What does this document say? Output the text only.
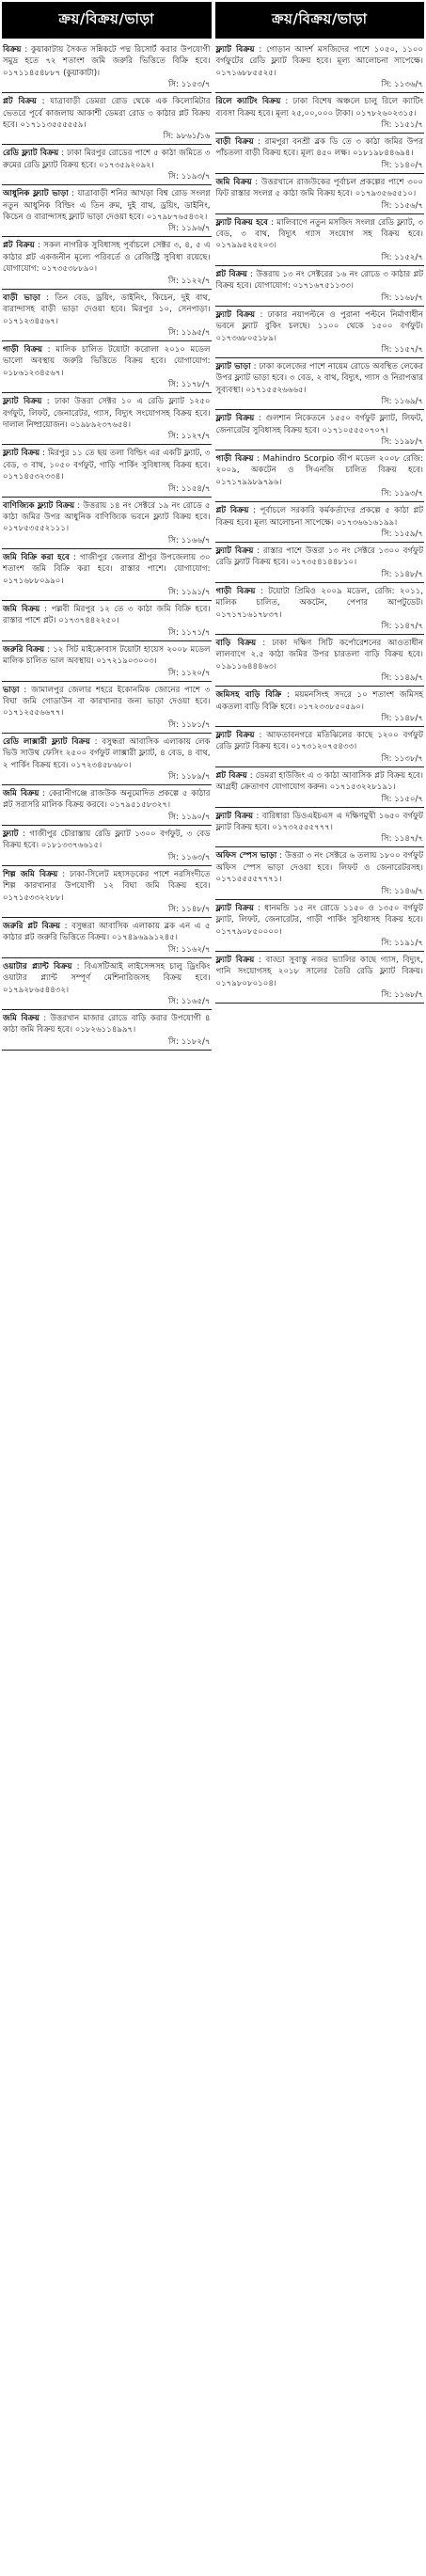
ক্রয়/বিক্রয়/ভাড়া
বিক্রয় : কুয়াকাটায় সৈকত সন্নিকটে পদ্ম রিসোর্ট করার উপযোগী সমুদ্র হতে ৭২ শতাংশ জমি জরুরি ভিত্তিতে বিক্রি হবে। ০১৭১১৪৫৪৮৮৭ (কুয়াকাটা)।
সি: ১১৫৩/৭
প্লট বিক্রয় : যাত্রাবাড়ী ডেমরা রোড থেকে এক কিলোমিটার ভেতরে পূর্বে কাজলায় আকাশী ডেমরা রোড ৩ কাঠার প্লট বিক্রয় হবে। ০১৭১১৩৫৫৫৫৫৯।
সি: ৯৮৬১/১৬
রেডি ফ্ল্যাট বিক্রয় : ঢাকা মিরপুর রোডের পাশে ৫ কাঠা জমিতে ৩ রুমের রেডি ফ্ল্যাট বিক্রয় হবে। ০১৭৩৫৯২০৯২।
সি: ১১৯৩/৭
আধুনিক ফ্ল্যাট ভাড়া : যাত্রাবাড়ী শনির আখড়া বিশ্ব রোড সংলগ্ন নতুন আধুনিক বিল্ডিং এ তিন রুম, দুই বাথ, ড্রয়িং, ডাইনিং, কিচেন ও বারান্দাসহ ফ্ল্যাট ভাড়া দেওয়া হবে। ০১৭৯৮৭৬৫৪৩২।
সি: ১১৯৬/৭
প্লট বিক্রয় : সকল নাগরিক সুবিধাসহ পূর্বাচলে সেক্টর ৩, ৪, ৫ এ কাঠার প্লট একজনীন মূল্যে পরিবর্তে ও রেজিস্ট্রি সুবিধা রয়েছে। যোগাযোগ: ০১৭৩৫৩৮৮৯০।
সি: ১১২২/৭
বাড়ী ভাড়া : তিন বেড, ড্রয়িং, ডাইনিং, কিচেন, দুই বাথ, বারান্দাসহ বাড়ী ভাড়া দেওয়া হবে। মিরপুর ১০, সেনপাড়া। ০১৭১২৩৪৫৬৭।
সি: ১১৯৫/৭
গাড়ী বিক্রয় : মালিক চালিত টয়োটা করোলা ২০১০ মডেল ভালো অবস্থায় জরুরি ভিত্তিতে বিক্রয় হবে। যোগাযোগ: ০১৮৬১২৩৪৫৬৭।
সি: ১১৭৮/৭
ফ্ল্যাট বিক্রয় : ঢাকা উত্তরা সেক্টর ১০ এ রেডি ফ্ল্যাট ১২৫০ বর্গফুট, লিফট, জেনারেটর, গ্যাস, বিদ্যুৎ সংযোগসহ বিক্রয় হবে। দালাল নিষ্প্রয়োজন। ০১৯৮৯২৩৭৬৫৪।
সি: ১১২৭/৭
ফ্ল্যাট বিক্রয় : মিরপুর ১১ তে ছয় তলা বিল্ডিং এর একটি ফ্ল্যাট, ৩ বেড, ৩ বাথ, ১০৫০ বর্গফুট, গাড়ি পার্কিং সুবিধাসহ বিক্রয় হবে। ০১৭১৪৫৩২৩৩৪।
সি: ১১৫৪/৭
বাণিজ্যিক ফ্ল্যাট বিক্রয় : উত্তরায় ১৪ নং সেক্টরে ১৯ নং রোডে ৫ কাঠা জমির উপর আধুনিক বাণিজ্যিক ভবনে ফ্ল্যাট বিক্রয় হবে। ০১৭৮৫৩৫৫২১১১।
সি: ১১৬৬/৭
জমি বিক্রি করা হবে : গাজীপুর জেলার শ্রীপুর উপজেলায় ৩০ শতাংশ জমি বিক্রি করা হবে। রাস্তার পাশে। যোগাযোগ: ০১৭১৬৮৮০৯৯০।
সি: ১১৯১/৭
জমি বিক্রয় : পল্লবী মিরপুর ১২ তে ৩ কাঠা জমি বিক্রি হবে। রাস্তার পাশে প্লট। ০১৭৩৭৪৪২২৫০।
সি: ১১৭১/৭
জরুরি বিক্রয় : ১২ সিট মাইক্রোবাস টয়োটা হায়েস ২০০৮ মডেল মালিক চালিত ভাল অবস্থায়। ০১৭২১৯০৩০০৩।
সি: ১১২০/৭
ভাড়া : জামালপুর জেলার শহরে ইকোনমিক জোনের পাশে ৩ বিঘা জমি গোডাউন বা কারখানার জন্য ভাড়া দেওয়া হবে। ০১৭১২৫৫৬৬৭৭।
সি: ১১৮১/৭
রেডি লাক্সারী ফ্ল্যাট বিক্রয় : বসুন্ধরা আবাসিক এলাকায় লেক ভিউ সাউথ ফেসিং ২৫০০ বর্গফুট লাক্সারী ফ্ল্যাট, ৪ বেড, ৪ বাথ, ২ পার্কিং বিক্রয় হবে। ০১৭২৩৪৫৮৬৮০।
সি: ১১৮৯/৭
জমি বিক্রয় : কেরানীগঞ্জে রাজউক অনুমোদিত প্রকল্পে ৫ কাঠার প্লট সরাসরি মালিক বিক্রয় করবে। ০১৭৯৫১৫৮৩২৭।
সি: ১১৯০/৭
ফ্ল্যাট : গাজীপুর চৌরাস্তায় রেডি ফ্ল্যাট ১৩০০ বর্গফুট, ৩ বেড বিক্রয় হবে। ০১৮১৩৩৭৬৬১৫।
সি: ১১৬৩/৭
শিল্প জমি বিক্রয় : ঢাকা-সিলেট মহাসড়কের পাশে নরসিংদীতে শিল্প কারখানার উপযোগী ১২ বিঘা জমি বিক্রয় হবে। ০১৭১৫৩৩২২৮৮।
সি: ১১৪৮/৭
জরুরি প্লট বিক্রয় : বসুন্ধরা আবাসিক এলাকায় ব্লক এন এ ৫ কাঠার প্লট জরুরি ভিত্তিতে বিক্রয়। ০১৭৪৯৬৯৯১২৪৫।
সি: ১১৬২/৭
ওয়াটার প্ল্যান্ট বিক্রয় : বিএসটিআই লাইসেন্সসহ চালু ড্রিংকিং ওয়াটার প্ল্যান্ট সম্পূর্ণ মেশিনারিজসহ বিক্রয় হবে। ০১৭৯২৮৬৫৪৪৩২।
সি: ১১৬৫/৭
জমি বিক্রয় : উত্তরখান মাজার রোডে বাড়ি করার উপযোগী ৪ কাঠা জমি বিক্রয় হবে। ০১৮২৬১১৪৯৯৭।
সি: ১১৮২/৭
ক্রয়/বিক্রয়/ভাড়া
ফ্ল্যাট বিক্রয় : গোড়ান আদর্শ মসজিদের পাশে ১০৫০, ১১০০ বর্গফুটের রেডি ফ্ল্যাট বিক্রয় হবে। মূল্য আলোচনা সাপেক্ষে। ০১৭১৬৮৮৫৫২৫।
সি: ১১৩৬/৭
রিলে ক্যাটিং বিক্রয় : ঢাকা বিশেষ অঞ্চলে চালু রিলে ক্যাটিং ব্যবসা বিক্রয় হবে। মূল্য ২৫,০০,০০০ টাকা। ০১৭৮২৬০২৩১৫।
সি: ১১৫১/৭
বাড়ী বিক্রয় : রামপুরা বনশ্রী ব্লক ডি তে ৩ কাঠা জমির উপর পাঁচতলা বাড়ী বিক্রয় হবে। মূল্য ৪৫০ লক্ষ। ০১৮১৯৮৪৪৬৯৪।
সি: ১১৪০/৭
জমি বিক্রয় : উত্তরখানে রাজউকের পূর্বাচল প্রকল্পের পাশে ৩০০ ফিট রাস্তার সংলগ্ন ৫ কাঠা জমি বিক্রয় হবে। ০১৭৯৩৫৬৫৫১০।
সি: ১১৫৬/৭
ফ্ল্যাট বিক্রয় হবে : মালিবাগে নতুন মসজিদ সংলগ্ন রেডি ফ্ল্যাট, ৩ বেড, ৩ বাথ, বিদ্যুৎ গ্যাস সংযোগ সহ বিক্রয় হবে। ০১৭৯৯৫২৫২০৩।
সি: ১১৫২/৭
প্লট বিক্রয় : উত্তরায় ১৩ নং সেক্টরের ১৬ নং রোডে ৩ কাঠার প্লট বিক্রয় হবে। যোগাযোগ: ০১৭১৬৭৫১১৩৩।
সি: ১১৬৮/৭
ফ্ল্যাট বিক্রয় : ঢাকার নয়াপল্টনে ও পুরানা পল্টনে নির্মাণাধীন ভবনে ফ্ল্যাট বুকিং চলছে। ১১০০ থেকে ১৫০০ বর্গফুট। ০১৭৩৬৮০৫১৮৯।
সি: ১১৫৭/৭
ফ্ল্যাট ভাড়া : ঢাকা কলেজের পাশে নায়েম রোডে অবস্থিত লেকের উপর ফ্ল্যাট ভাড়া হবে। ৩ বেড, ২ বাথ, বিদ্যুৎ, গ্যাস ও নিরাপত্তার সুব্যবস্থা। ০১৭১৫৫২৬৬৬৫।
সি: ১১৬৯/৭
ফ্ল্যাট বিক্রয় : গুলশান নিকেতনে ১৫৫০ বর্গফুট ফ্ল্যাট, লিফট, জেনারেটর সুবিধাসহ বিক্রয় হবে। ০১৭১০৫৫৫০৭০৭।
সি: ১১৯৮/৭
গাড়ী বিক্রয় : Mahindro Scorpio জীপ মডেল ২০০৮ রেজি: ২০০৯, অকটেন ও সিএনজি চালিত বিক্রয় হবে। ০১৭১৭৯৯৮৯৭৯৬।
সি: ১১৯৩/৭
প্লট বিক্রয় : পূর্বাচলে সরকারি কর্মকর্তাদের প্রকল্পে ৫ কাঠা প্লট বিক্রয় হবে। মূল্য আলোচনা সাপেক্ষে। ০১৭৩৬৬১৬১৯৯।
সি: ১১৫৯/৭
ফ্ল্যাট বিক্রয় : রাস্তার পাশে উত্তরা ১৩ নং সেক্টরে ১৩০০ বর্গফুট রেডি ফ্ল্যাট বিক্রয় হবে। ০১৭৩৫৪১৪৪৮১০।
সি: ১১৪৮/৭
গাড়ী বিক্রয় : টয়োটা প্রিমিও ২০০৯ মডেল, রেজি: ২০১১, মালিক চালিত, অকটেন, পেপার আপটুডেট। ০১৭১৭১৬১৭৮৩৭।
সি: ১১৪৭/৭
বাড়ি বিক্রয় : ঢাকা দক্ষিণ সিটি কর্পোরেশনের আওতাধীন লালবাগে ২.৫ কাঠা জমির উপর চারতলা বাড়ি বিক্রয় হবে। ০১৯১১৬৪৪৪৬৩।
সি: ১১৪৯/৭
জমিসহ বাড়ি বিক্রি : ময়মনসিংহ সদরে ১০ শতাংশ জমিসহ একতলা বাড়ি বিক্রি হবে। ০১৭২৩৩৮৫০৫৯০।
সি: ১১৪৮/৭
ফ্ল্যাট বিক্রয় : আফতাবনগরে মতিঝিলের কাছে ১২০০ বর্গফুট রেডি ফ্ল্যাট বিক্রয় হবে। ০১৭৩১২০৭৫৪৩৩।
সি: ১১৩৮/৭
প্লট বিক্রয় : ডেমরা হাউজিং এ ৩ কাঠা আবাসিক প্লট বিক্রয় হবে। আগ্রহী ক্রেতাগণ যোগাযোগ করুন। ০১৭১৫৩২২৮১৯১।
সি: ১১৫০/৭
ফ্ল্যাট বিক্রয় : বারিধারা ডিওএইচএস এ দক্ষিণমুখী ১৬৫০ বর্গফুট ফ্ল্যাট বিক্রয় হবে। ০১৭৩২৫৫৫৭৭৭।
সি: ১১৪৭/৭
অফিস স্পেস ভাড়া : উত্তরা ৩ নং সেক্টরে ৬ তলায় ১৮০০ বর্গফুট অফিস স্পেস ভাড়া দেওয়া হবে। লিফট ও জেনারেটরসহ। ০১৭১৫৫৫৫৭৭৭১।
সি: ১১৪৬/৭
ফ্ল্যাট বিক্রয় : ধানমন্ডি ১৫ নং রোডে ১১৫০ ও ১৩৫০ বর্গফুট ফ্ল্যাট, লিফট, জেনারেটর, গাড়ী পার্কিং সুবিধাসহ বিক্রয় হবে। ০১৭৭৯০৮৫০০০০।
সি: ১১৯১/৭
ফ্ল্যাট বিক্রয় : বাড্ডা সুবাস্তু নজর ভ্যালির কাছে গ্যাস, বিদ্যুৎ, পানি সংযোগসহ ২০১৮ সালের তৈরি রেডি ফ্ল্যাট বিক্রয়। ০১৭৯৮০৮০১০৪।
সি: ১১৬৮/৭
